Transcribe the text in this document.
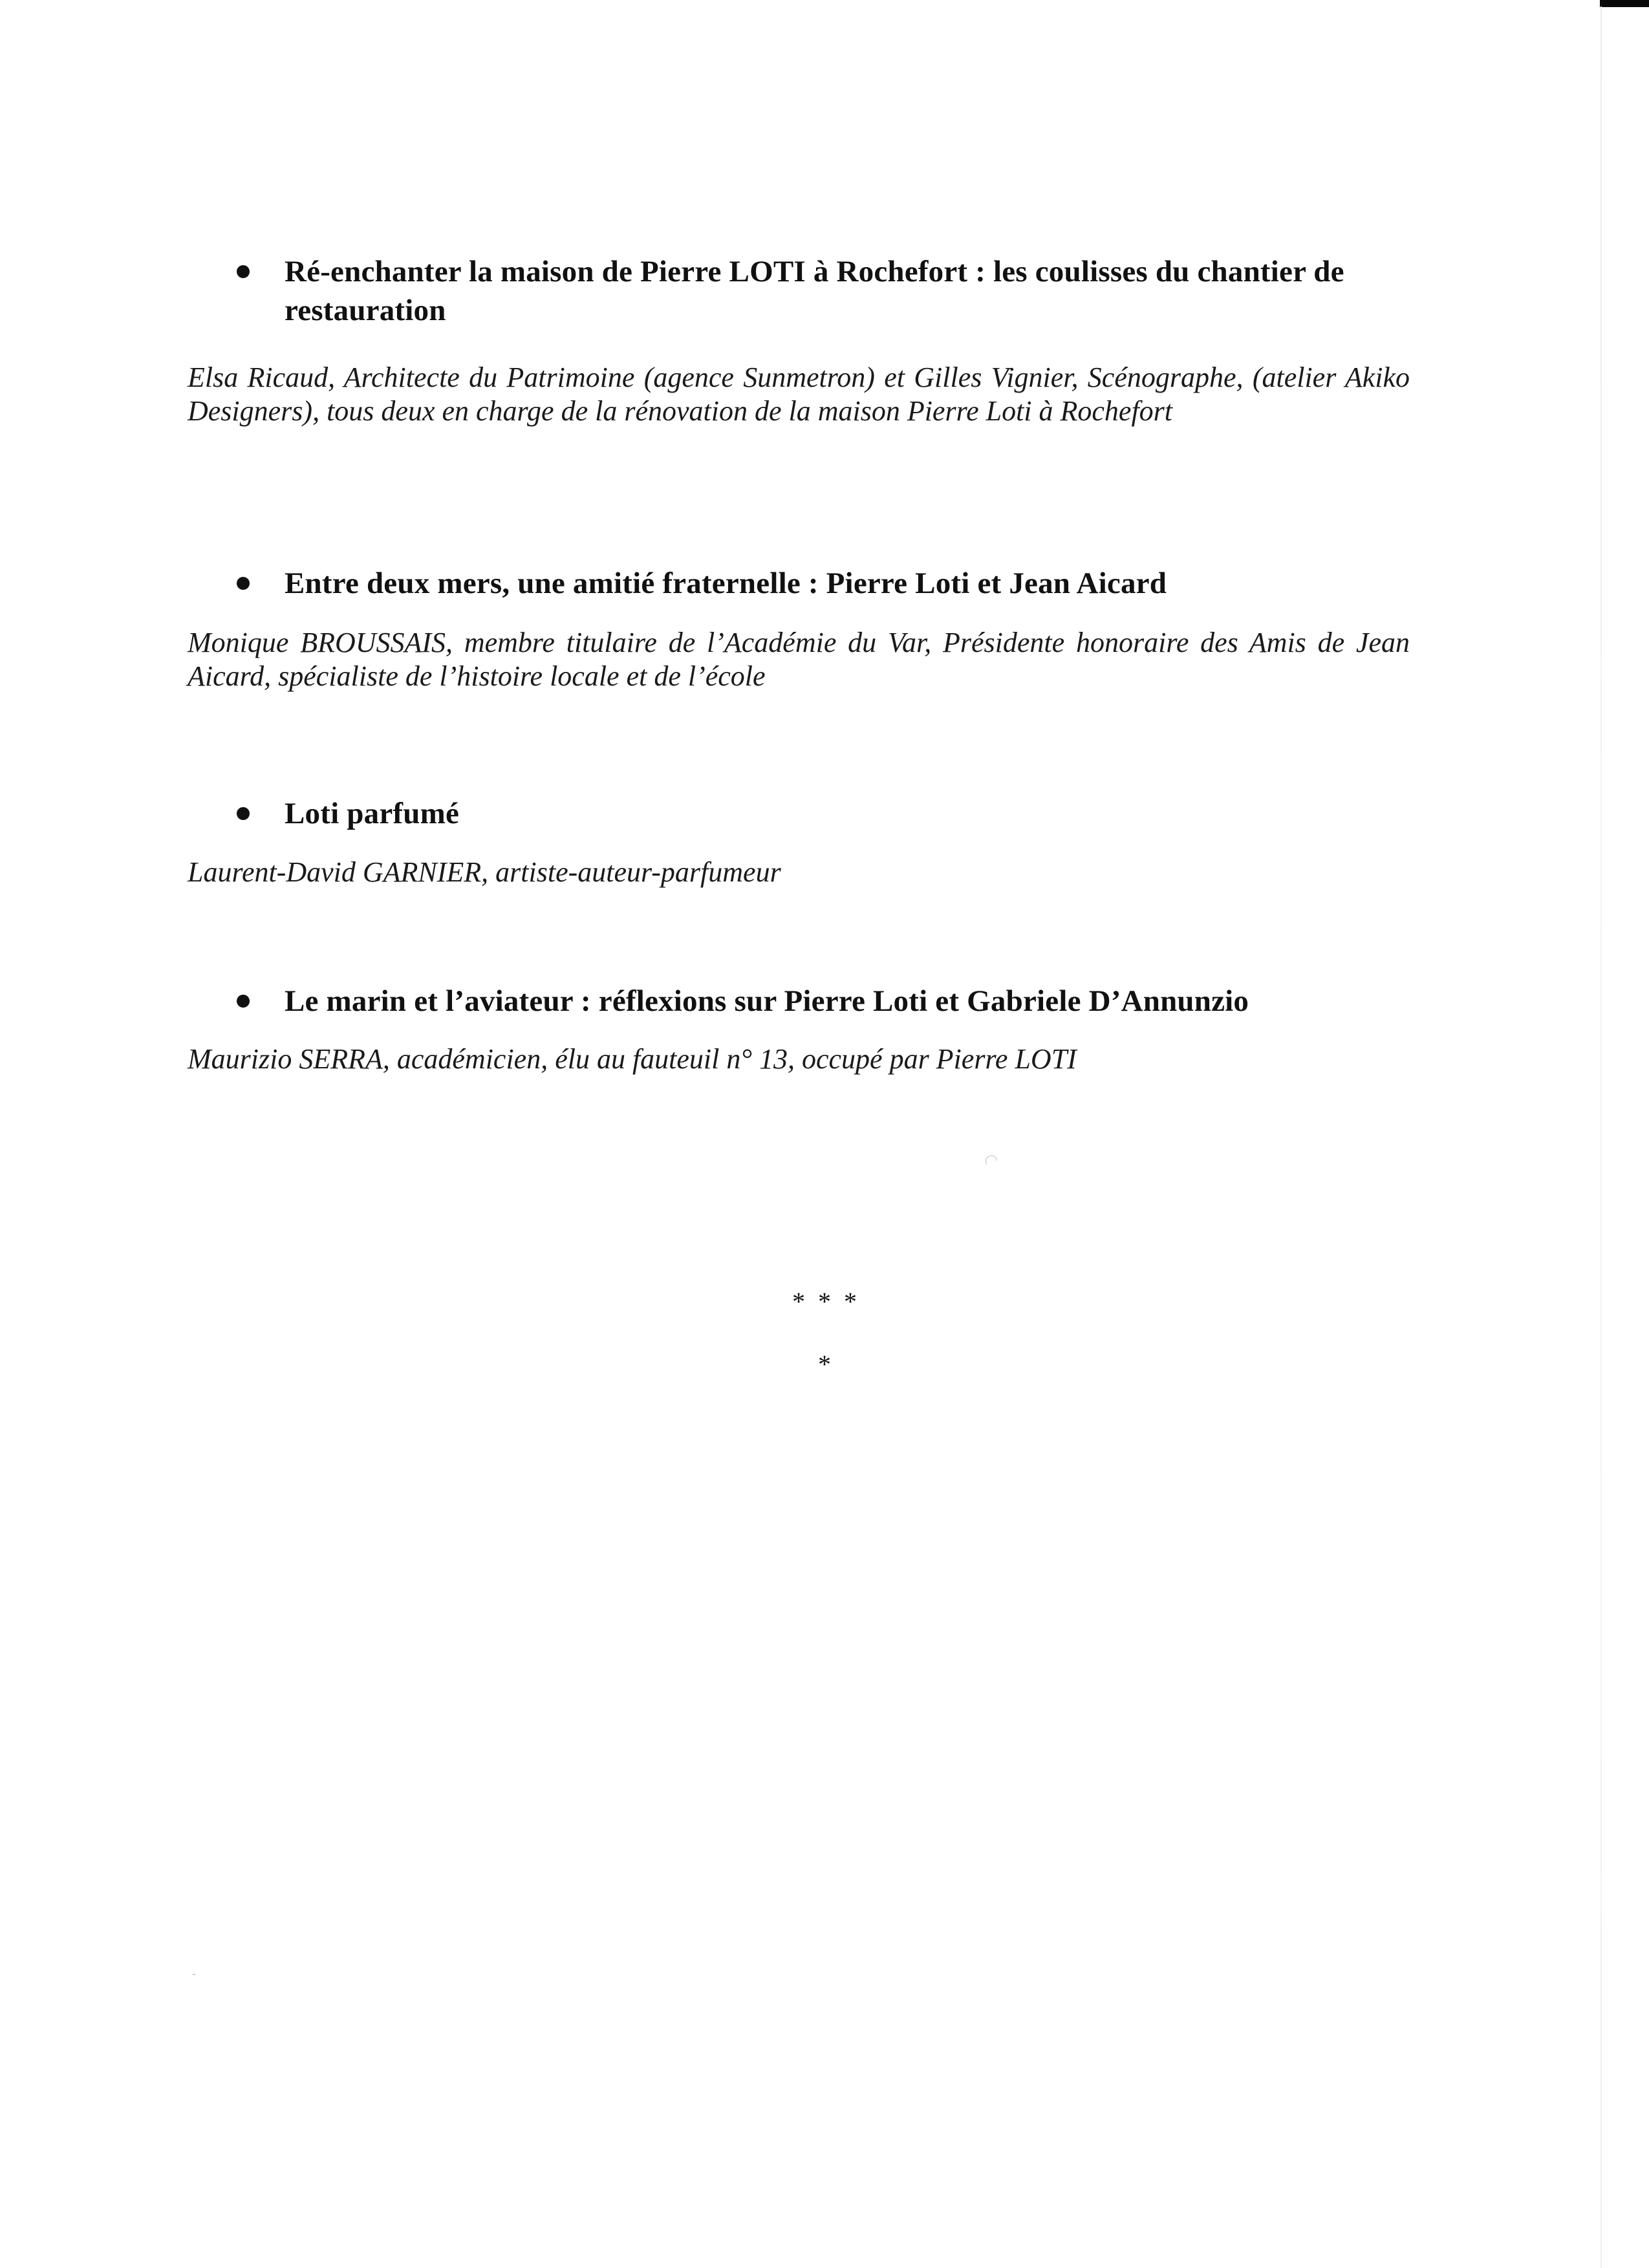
Ré-enchanter la maison de Pierre LOTI à Rochefort : les coulisses du chantier de restauration

Elsa Ricaud, Architecte du Patrimoine (agence Sunmetron) et Gilles Vignier, Scénographe, (atelier Akiko Designers), tous deux en charge de la rénovation de la maison Pierre Loti à Rochefort

Entre deux mers, une amitié fraternelle : Pierre Loti et Jean Aicard

Monique BROUSSAIS, membre titulaire de l’Académie du Var, Présidente honoraire des Amis de Jean Aicard, spécialiste de l’histoire locale et de l’école

Loti parfumé

Laurent-David GARNIER, artiste-auteur-parfumeur

Le marin et l’aviateur : réflexions sur Pierre Loti et Gabriele D’Annunzio

Maurizio SERRA, académicien, élu au fauteuil n° 13, occupé par Pierre LOTI

* * *
*
